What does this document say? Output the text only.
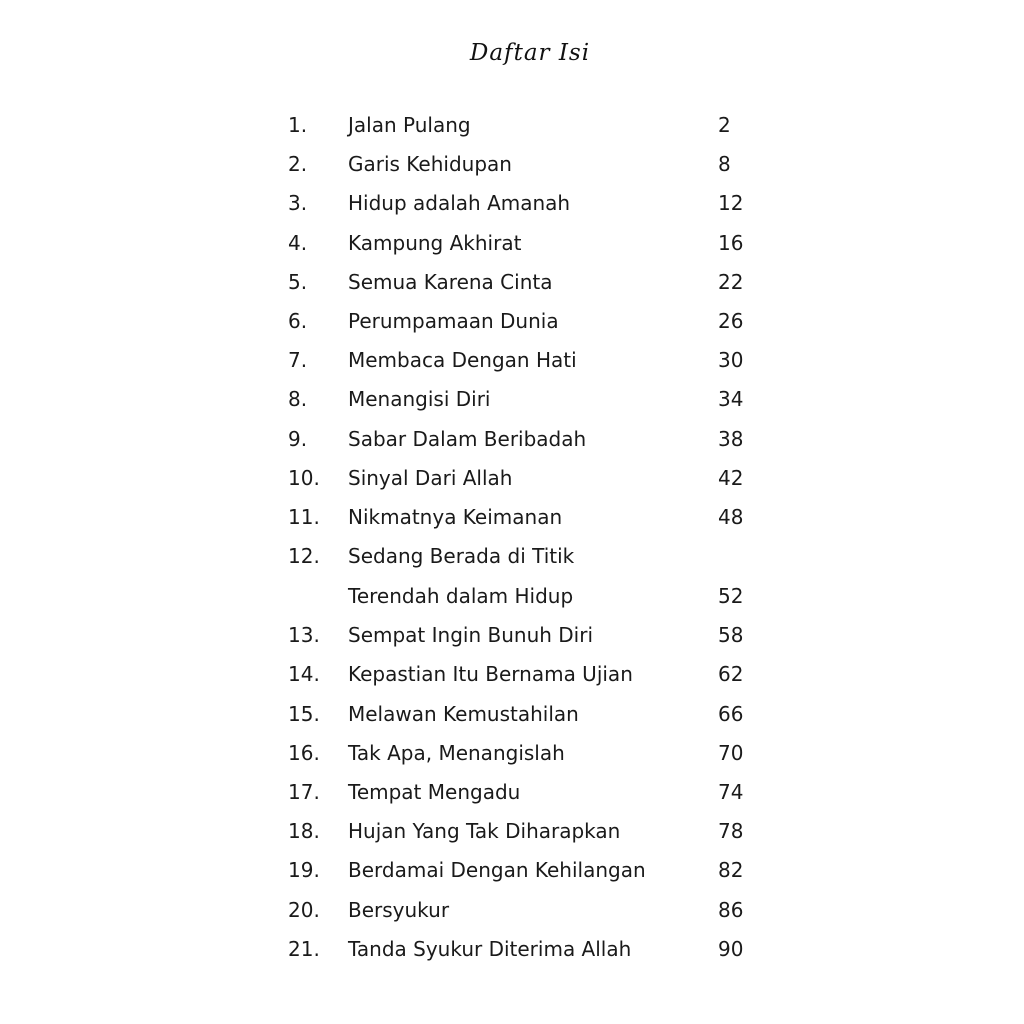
Daftar Isi
1. Jalan Pulang	2
2. Garis Kehidupan	8
3. Hidup adalah Amanah	12
4. Kampung Akhirat	16
5. Semua Karena Cinta	22
6. Perumpamaan Dunia	26
7. Membaca Dengan Hati	30
8. Menangisi Diri	34
9. Sabar Dalam Beribadah	38
10. Sinyal Dari Allah	42
11. Nikmatnya Keimanan	48
12. Sedang Berada di Titik
Terendah dalam Hidup	52
13. Sempat Ingin Bunuh Diri	58
14. Kepastian Itu Bernama Ujian	62
15. Melawan Kemustahilan	66
16. Tak Apa, Menangislah	70
17. Tempat Mengadu	74
18. Hujan Yang Tak Diharapkan	78
19. Berdamai Dengan Kehilangan	82
20. Bersyukur	86
21. Tanda Syukur Diterima Allah	90
